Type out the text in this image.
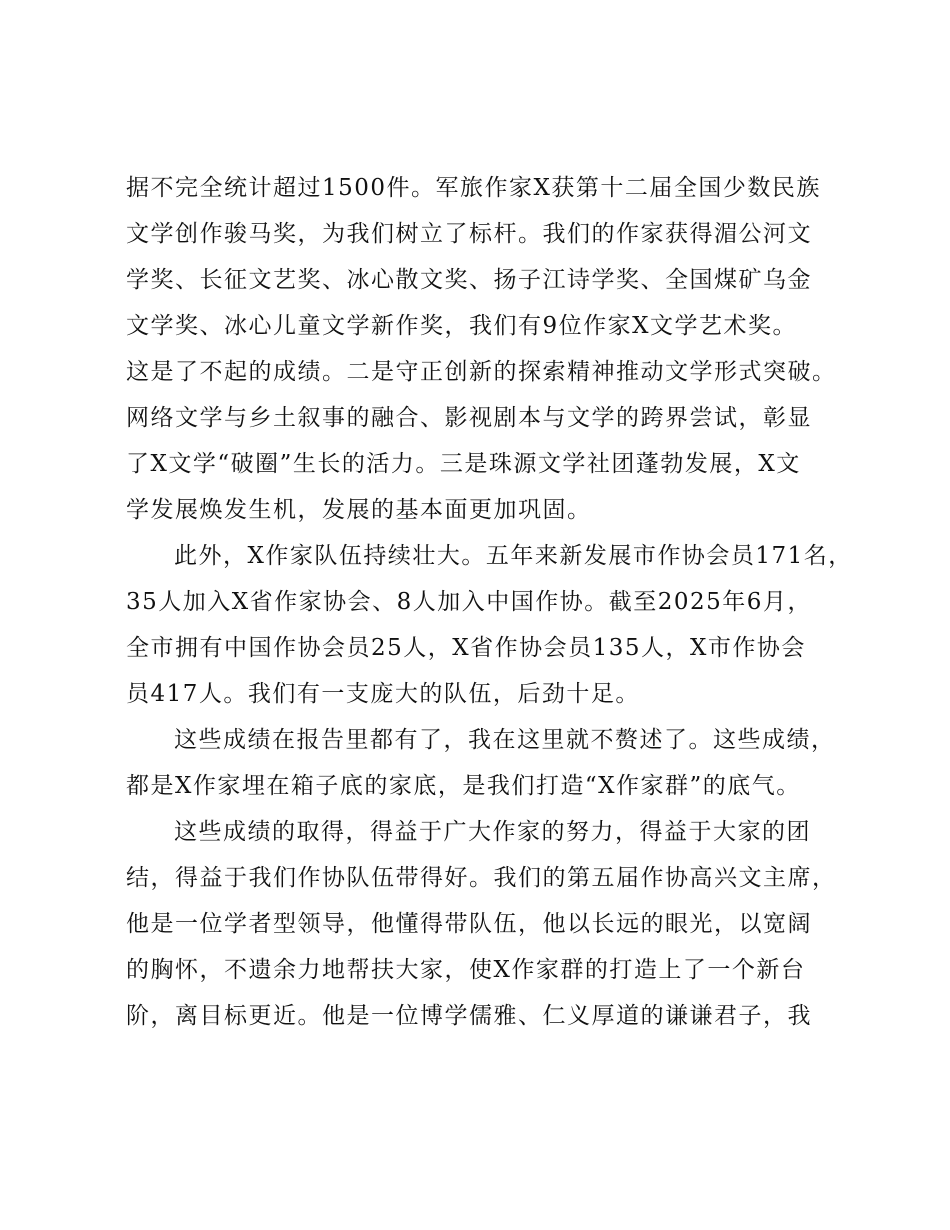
据不完全统计超过1500件。军旅作家X获第十二届全国少数民族
文学创作骏马奖，为我们树立了标杆。我们的作家获得湄公河文
学奖、长征文艺奖、冰心散文奖、扬子江诗学奖、全国煤矿乌金
文学奖、冰心儿童文学新作奖，我们有9位作家X文学艺术奖。
这是了不起的成绩。二是守正创新的探索精神推动文学形式突破。
网络文学与乡土叙事的融合、影视剧本与文学的跨界尝试，彰显
了X文学“破圈”生长的活力。三是珠源文学社团蓬勃发展，X文
学发展焕发生机，发展的基本面更加巩固。
此外，X作家队伍持续壮大。五年来新发展市作协会员171名，
35人加入X省作家协会、8人加入中国作协。截至2025年6月，
全市拥有中国作协会员25人，X省作协会员135人，X市作协会
员417人。我们有一支庞大的队伍，后劲十足。
这些成绩在报告里都有了，我在这里就不赘述了。这些成绩，
都是X作家埋在箱子底的家底，是我们打造“X作家群”的底气。
这些成绩的取得，得益于广大作家的努力，得益于大家的团
结，得益于我们作协队伍带得好。我们的第五届作协高兴文主席，
他是一位学者型领导，他懂得带队伍，他以长远的眼光，以宽阔
的胸怀，不遗余力地帮扶大家，使X作家群的打造上了一个新台
阶，离目标更近。他是一位博学儒雅、仁义厚道的谦谦君子，我
